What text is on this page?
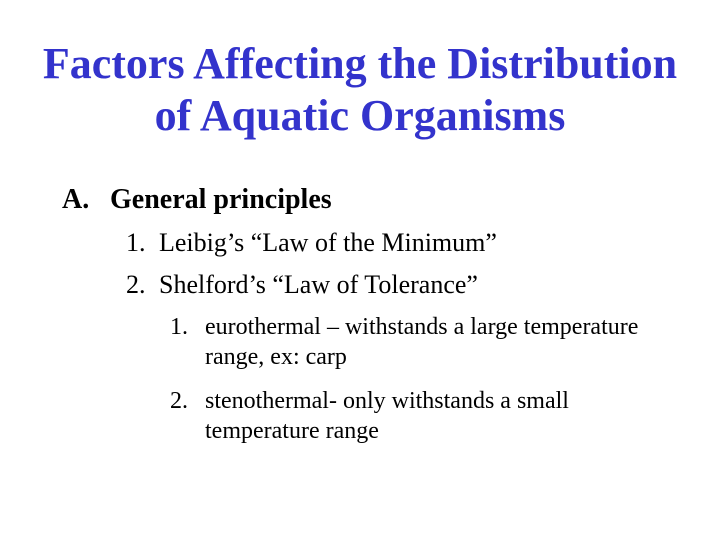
Factors Affecting the Distribution
of Aquatic Organisms
A. General principles
1. Leibig’s “Law of the Minimum”
2. Shelford’s “Law of Tolerance”
1. eurothermal – withstands a large temperature range, ex: carp
2. stenothermal- only withstands a small temperature range
